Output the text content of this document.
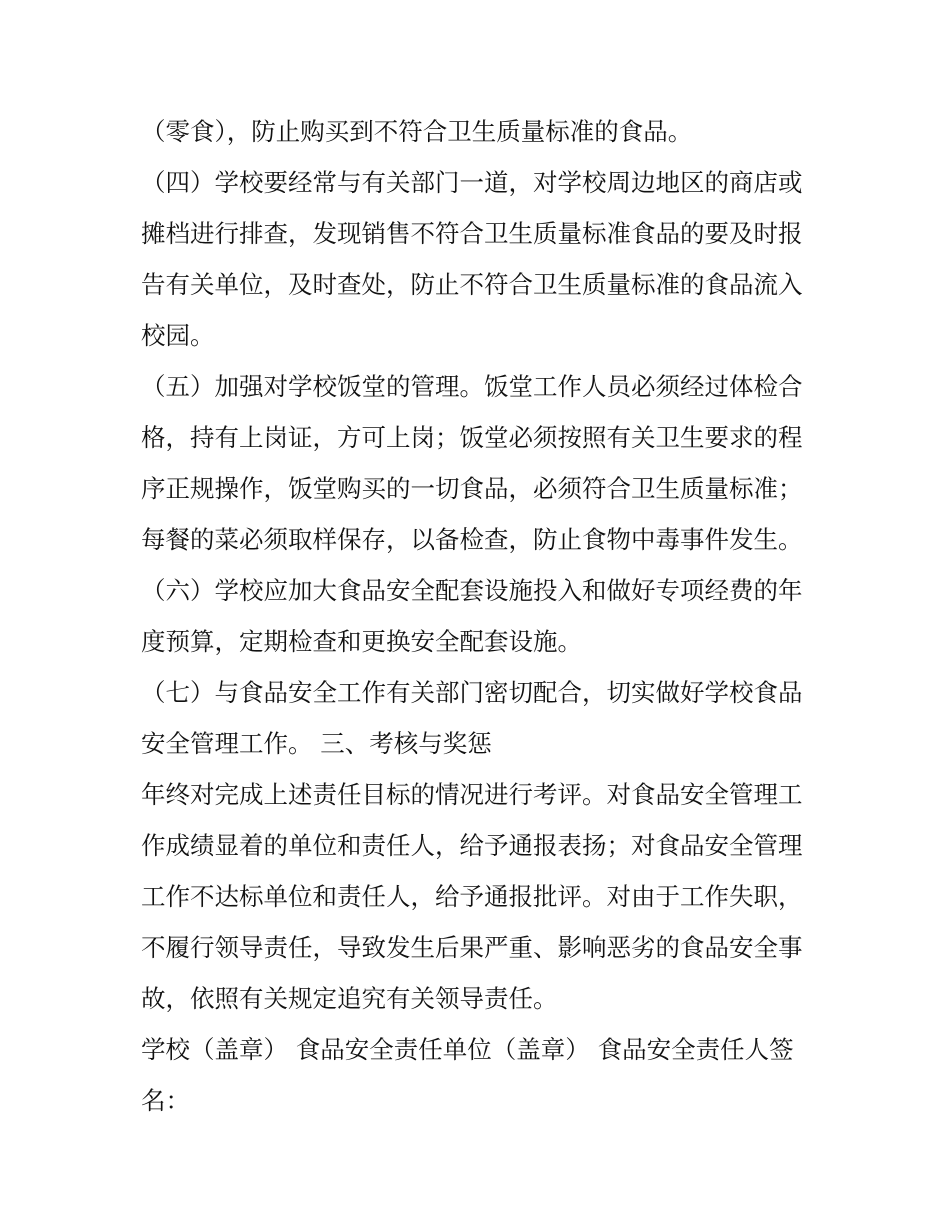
（零食），防止购买到不符合卫生质量标准的食品。
（四）学校要经常与有关部门一道，对学校周边地区的商店或
摊档进行排查，发现销售不符合卫生质量标准食品的要及时报
告有关单位，及时查处，防止不符合卫生质量标准的食品流入
校园。
（五）加强对学校饭堂的管理。饭堂工作人员必须经过体检合
格，持有上岗证，方可上岗；饭堂必须按照有关卫生要求的程
序正规操作，饭堂购买的一切食品，必须符合卫生质量标准；
每餐的菜必须取样保存，以备检查，防止食物中毒事件发生。
（六）学校应加大食品安全配套设施投入和做好专项经费的年
度预算，定期检查和更换安全配套设施。
（七）与食品安全工作有关部门密切配合，切实做好学校食品
安全管理工作。 三、考核与奖惩
年终对完成上述责任目标的情况进行考评。对食品安全管理工
作成绩显着的单位和责任人，给予通报表扬；对食品安全管理
工作不达标单位和责任人，给予通报批评。对由于工作失职，
不履行领导责任，导致发生后果严重、影响恶劣的食品安全事
故，依照有关规定追究有关领导责任。
学校（盖章） 食品安全责任单位（盖章） 食品安全责任人签
名：
